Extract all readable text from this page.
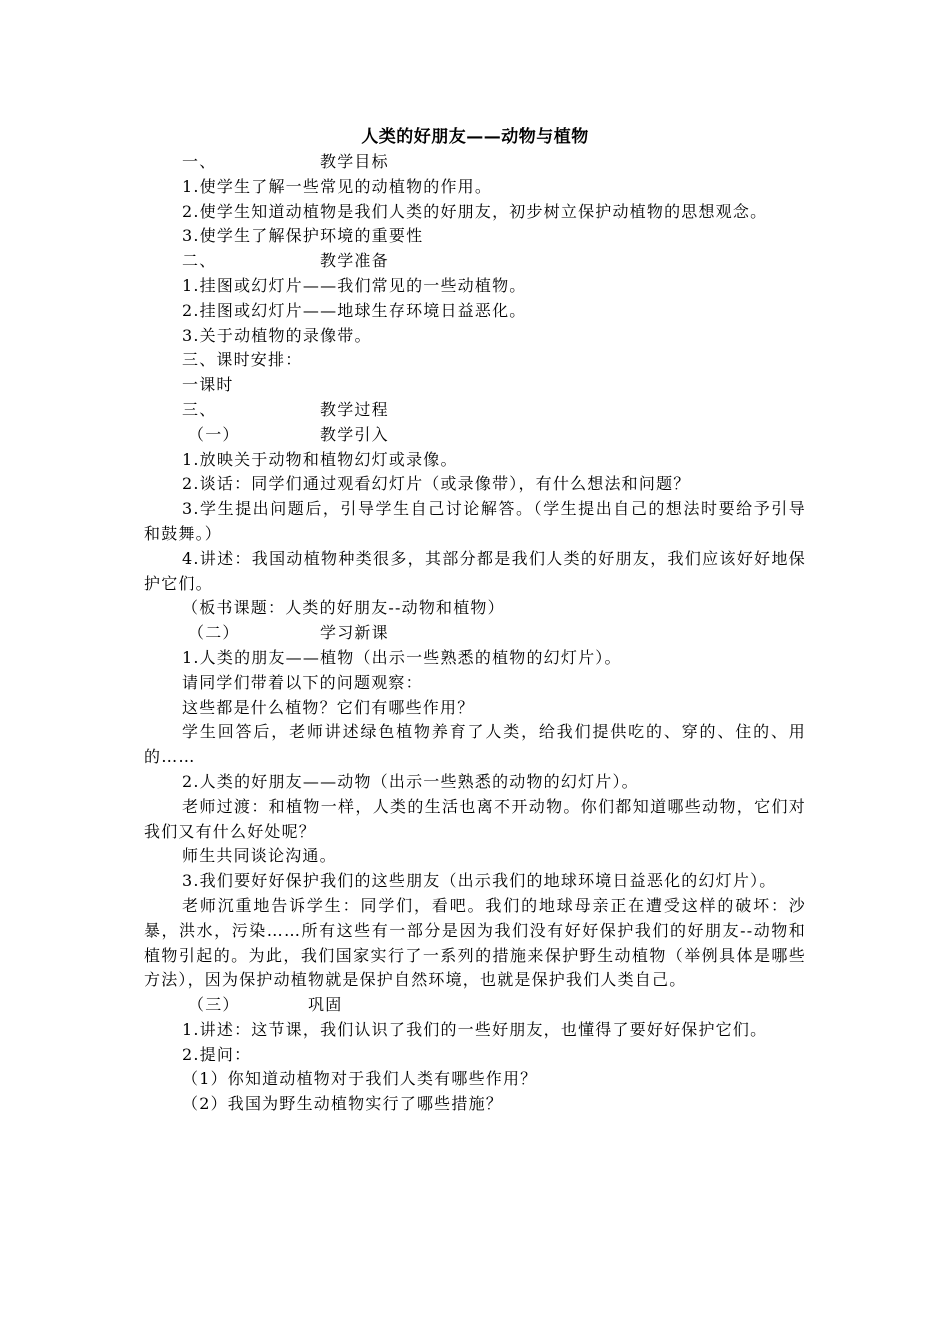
人类的好朋友——动物与植物
一、	教学目标

1.使学生了解一些常见的动植物的作用。

2.使学生知道动植物是我们人类的好朋友，初步树立保护动植物的思想观念。

3.使学生了解保护环境的重要性

二、	教学准备

1.挂图或幻灯片——我们常见的一些动植物。

2.挂图或幻灯片——地球生存环境日益恶化。

3.关于动植物的录像带。

三、课时安排：

一课时

三、	教学过程
（一）	教学引入

1.放映关于动物和植物幻灯或录像。

2.谈话：同学们通过观看幻灯片（或录像带），有什么想法和问题？

3.学生提出问题后，引导学生自己讨论解答。（学生提出自己的想法时要给予引导和鼓舞。）

4.讲述：我国动植物种类很多，其部分都是我们人类的好朋友，我们应该好好地保护它们。

（板书课题：人类的好朋友--动物和植物）

（二）	学习新课

1.人类的朋友——植物（出示一些熟悉的植物的幻灯片）。

请同学们带着以下的问题观察：

这些都是什么植物？它们有哪些作用？

学生回答后，老师讲述绿色植物养育了人类，给我们提供吃的、穿的、住的、用的……

2.人类的好朋友——动物（出示一些熟悉的动物的幻灯片）。

老师过渡：和植物一样，人类的生活也离不开动物。你们都知道哪些动物，它们对我们又有什么好处呢？

师生共同谈论沟通。

3.我们要好好保护我们的这些朋友（出示我们的地球环境日益恶化的幻灯片）。

老师沉重地告诉学生：同学们，看吧。我们的地球母亲正在遭受这样的破坏：沙暴，洪水，污染……所有这些有一部分是因为我们没有好好保护我们的好朋友--动物和植物引起的。为此，我们国家实行了一系列的措施来保护野生动植物（举例具体是哪些方法），因为保护动植物就是保护自然环境，也就是保护我们人类自己。

（三）	巩固

1.讲述：这节课，我们认识了我们的一些好朋友，也懂得了要好好保护它们。

2.提问：

（1）你知道动植物对于我们人类有哪些作用？

（2）我国为野生动植物实行了哪些措施？
